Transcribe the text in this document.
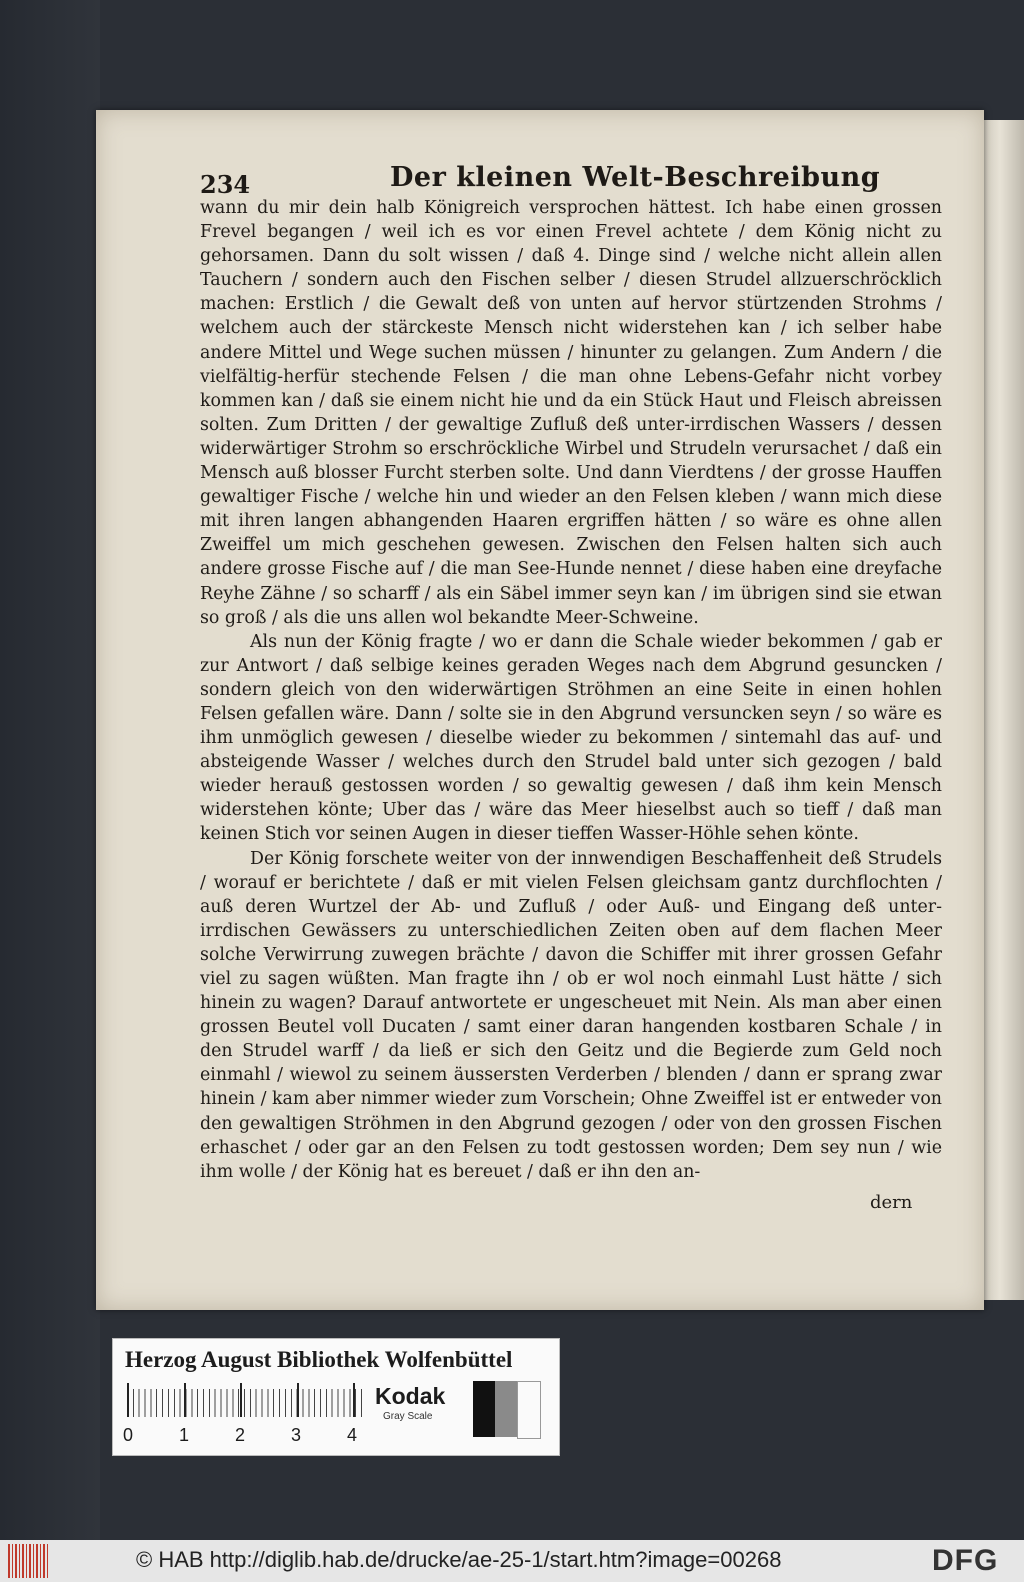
234	Der kleinen Welt-Beschreibung

wann du mir dein halb Königreich versprochen hättest. Ich habe einen grossen Frevel begangen / weil ich es vor einen Frevel achtete / dem König nicht zu gehorsamen. Dann du solt wissen / daß 4. Dinge sind / welche nicht allein allen Tauchern / sondern auch den Fischen selber / diesen Strudel allzuerschröcklich machen: Erstlich / die Gewalt deß von unten auf hervor stürtzenden Strohms / welchem auch der stärckeste Mensch nicht widerstehen kan / ich selber habe andere Mittel und Wege suchen müssen / hinunter zu gelangen. Zum Andern / die vielfältig-herfür stechende Felsen / die man ohne Lebens-Gefahr nicht vorbey kommen kan / daß sie einem nicht hie und da ein Stück Haut und Fleisch abreissen solten. Zum Dritten / der gewaltige Zufluß deß unter-irrdischen Wassers / dessen widerwärtiger Strohm so erschröckliche Wirbel und Strudeln verursachet / daß ein Mensch auß blosser Furcht sterben solte. Und dann Vierdtens / der grosse Hauffen gewaltiger Fische / welche hin und wieder an den Felsen kleben / wann mich diese mit ihren langen abhangenden Haaren ergriffen hätten / so wäre es ohne allen Zweiffel um mich geschehen gewesen. Zwischen den Felsen halten sich auch andere grosse Fische auf / die man See-Hunde nennet / diese haben eine dreyfache Reyhe Zähne / so scharff / als ein Säbel immer seyn kan / im übrigen sind sie etwan so groß / als die uns allen wol bekandte Meer-Schweine.

Als nun der König fragte / wo er dann die Schale wieder bekommen / gab er zur Antwort / daß selbige keines geraden Weges nach dem Abgrund gesuncken / sondern gleich von den widerwärtigen Ströhmen an eine Seite in einen hohlen Felsen gefallen wäre. Dann / solte sie in den Abgrund versuncken seyn / so wäre es ihm unmöglich gewesen / dieselbe wieder zu bekommen / sintemahl das auf- und absteigende Wasser / welches durch den Strudel bald unter sich gezogen / bald wieder herauß gestossen worden / so gewaltig gewesen / daß ihm kein Mensch widerstehen könte; Uber das / wäre das Meer hieselbst auch so tieff / daß man keinen Stich vor seinen Augen in dieser tieffen Wasser-Höhle sehen könte.

Der König forschete weiter von der innwendigen Beschaffenheit deß Strudels / worauf er berichtete / daß er mit vielen Felsen gleichsam gantz durchflochten / auß deren Wurtzel der Ab- und Zufluß / oder Auß- und Eingang deß unter-irrdischen Gewässers zu unterschiedlichen Zeiten oben auf dem flachen Meer solche Verwirrung zuwegen brächte / davon die Schiffer mit ihrer grossen Gefahr viel zu sagen wüßten. Man fragte ihn / ob er wol noch einmahl Lust hätte / sich hinein zu wagen? Darauf antwortete er ungescheuet mit Nein. Als man aber einen grossen Beutel voll Ducaten / samt einer daran hangenden kostbaren Schale / in den Strudel warff / da ließ er sich den Geitz und die Begierde zum Geld noch einmahl / wiewol zu seinem äussersten Verderben / blenden / dann er sprang zwar hinein / kam aber nimmer wieder zum Vorschein; Ohne Zweiffel ist er entweder von den gewaltigen Ströhmen in den Abgrund gezogen / oder von den grossen Fischen erhaschet / oder gar an den Felsen zu todt gestossen worden; Dem sey nun / wie ihm wolle / der König hat es bereuet / daß er ihn den an-

dern
Herzog August Bibliothek Wolfenbüttel
0	1	2	3	4
Kodak
Gray Scale
© HAB http://diglib.hab.de/drucke/ae-25-1/start.htm?image=00268	DFG
